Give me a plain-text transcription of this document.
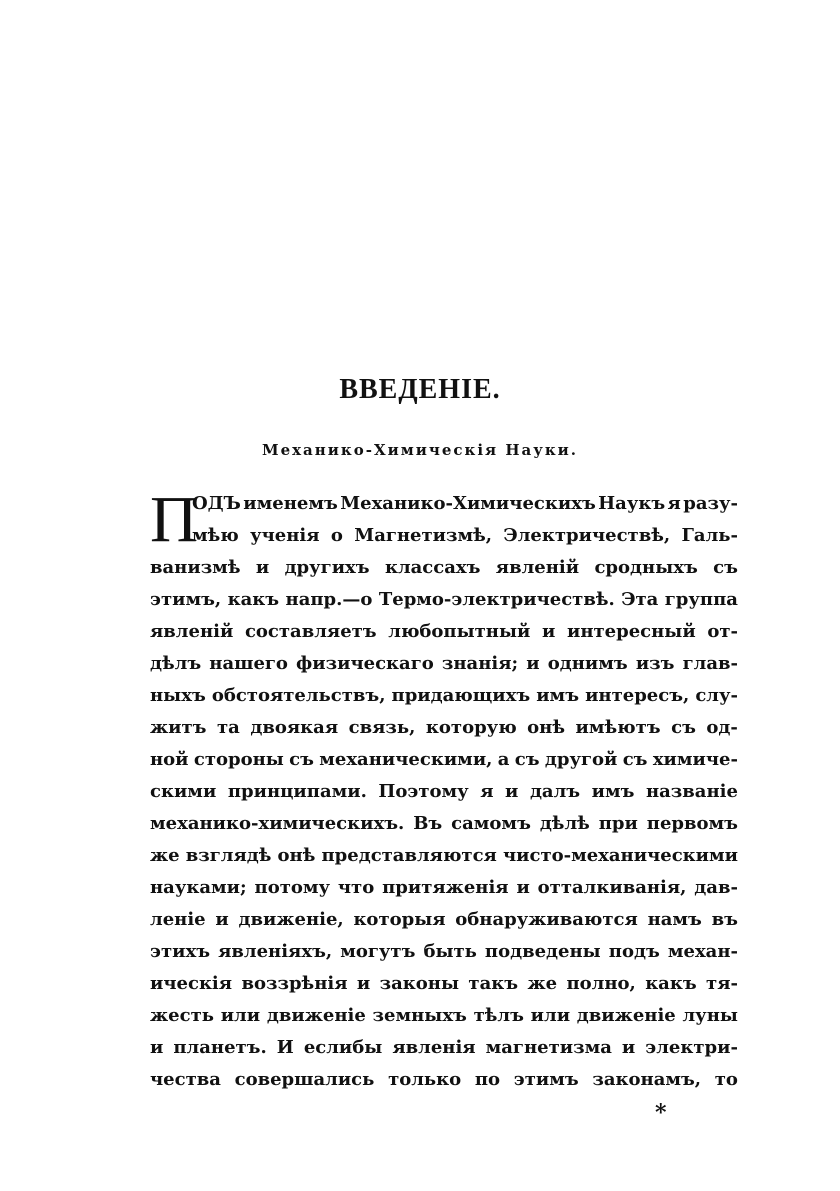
ВВЕДЕНІЕ.
Механико-Химическія Науки.
П
ОДЪ именемъ Механико-Химическихъ Наукъ я разу-
мѣю ученія о Магнетизмѣ, Электричествѣ, Галь-
ванизмѣ и другихъ классахъ явленій сродныхъ съ
этимъ, какъ напр.—о Термо-электричествѣ. Эта группа
явленій составляетъ любопытный и интересный от-
дѣлъ нашего физическаго знанія; и однимъ изъ глав-
ныхъ обстоятельствъ, придающихъ имъ интересъ, слу-
житъ та двоякая связь, которую онѣ имѣютъ съ од-
ной стороны съ механическими, а съ другой съ химиче-
скими принципами. Поэтому я и далъ имъ названіе
механико-химическихъ. Въ самомъ дѣлѣ при первомъ
же взглядѣ онѣ представляются чисто-механическими
науками; потому что притяженія и отталкиванія, дав-
леніе и движеніе, которыя обнаруживаются намъ въ
этихъ явленіяхъ, могутъ быть подведены подъ механ-
ическія воззрѣнія и законы такъ же полно, какъ тя-
жесть или движеніе земныхъ тѣлъ или движеніе луны
и планетъ. И еслибы явленія магнетизма и электри-
чества совершались только по этимъ законамъ, то
*
